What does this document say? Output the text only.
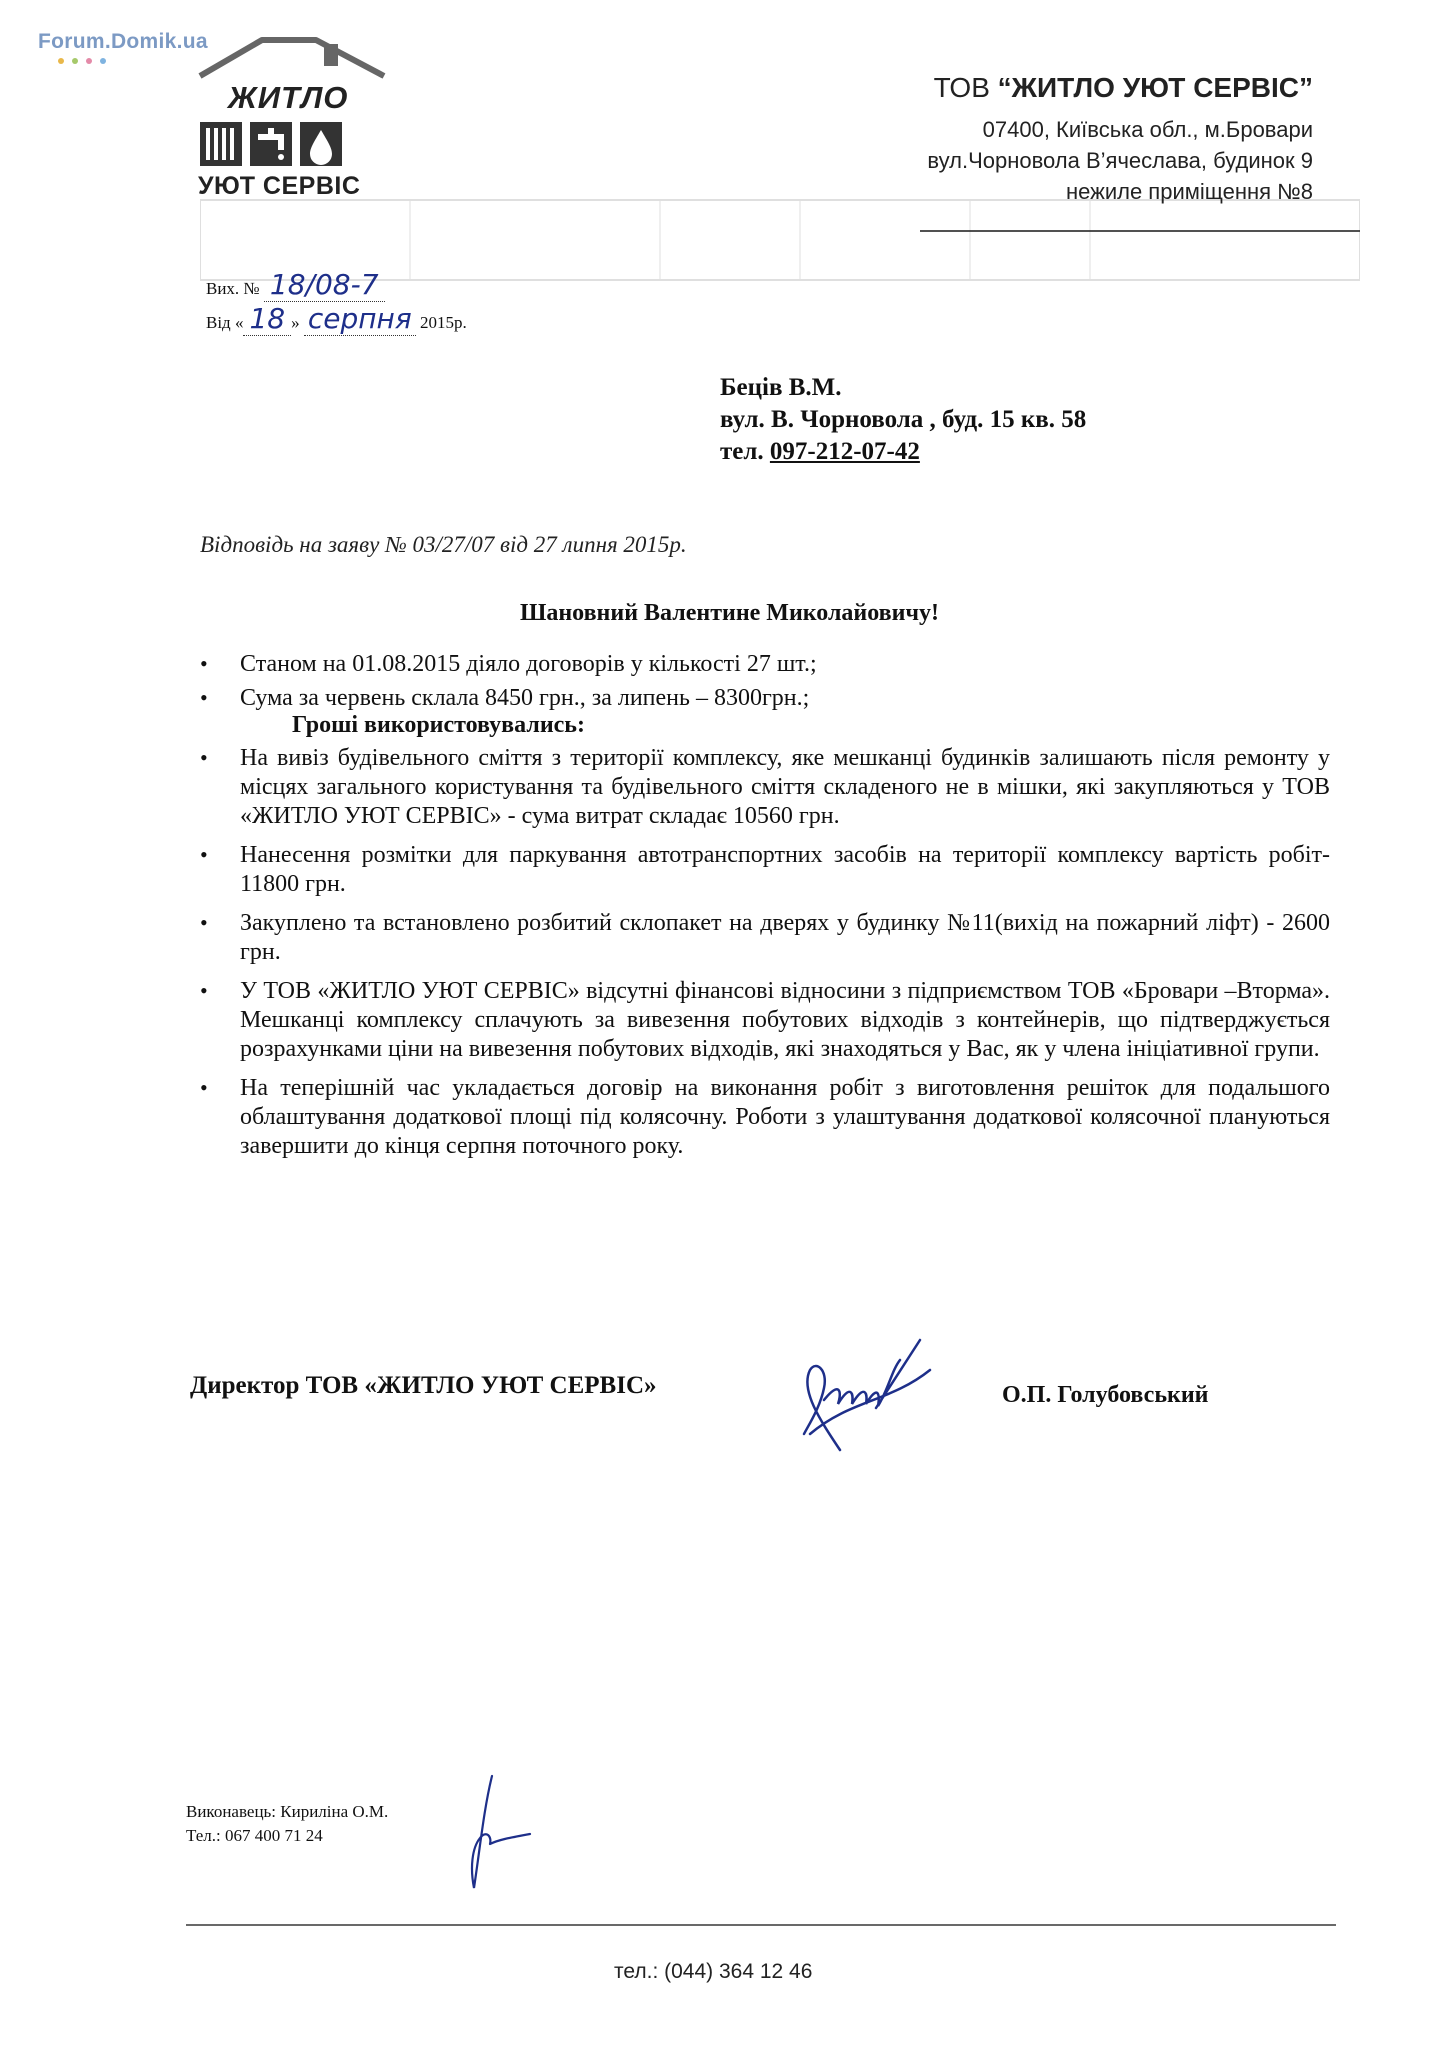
Forum.Domik.ua
ЖИТЛО
УЮТ СЕРВІС
ТОВ “ЖИТЛО УЮТ СЕРВІС”
07400, Київська обл., м.Бровари
вул.Чорновола В’ячеслава, будинок 9
нежиле приміщення №8
Вих. № 18/08-7
Від « 18 » серпня 2015р.
Беців В.М.
вул. В. Чорновола , буд. 15 кв. 58
тел. 097-212-07-42
Відповідь на заяву № 03/27/07 від 27 липня 2015р.
Шановний Валентине Миколайовичу!
• Станом на 01.08.2015 діяло договорів у кількості 27 шт.;
• Сума за червень склала 8450 грн., за липень – 8300грн.;
Гроші використовувались:
• На вивіз будівельного сміття з території комплексу, яке мешканці будинків залишають після ремонту у місцях загального користування та будівельного сміття складеного не в мішки, які закупляються у ТОВ «ЖИТЛО УЮТ СЕРВІС» - сума витрат складає 10560 грн.
• Нанесення розмітки для паркування автотранспортних засобів на території комплексу вартість робіт- 11800 грн.
• Закуплено та встановлено розбитий склопакет на дверях у будинку №11(вихід на пожарний ліфт) - 2600 грн.
• У ТОВ «ЖИТЛО УЮТ СЕРВІС» відсутні фінансові відносини з підприємством ТОВ «Бровари –Вторма». Мешканці комплексу сплачують за вивезення побутових відходів з контейнерів, що підтверджується розрахунками ціни на вивезення побутових відходів, які знаходяться у Вас, як у члена ініціативної групи.
• На теперішній час укладається договір на виконання робіт з виготовлення решіток для подальшого облаштування додаткової площі під колясочну. Роботи з улаштування додаткової колясочної плануються завершити до кінця серпня поточного року.
Директор ТОВ «ЖИТЛО УЮТ СЕРВІС»	О.П. Голубовський
Виконавець: Кириліна О.М.
Тел.: 067 400 71 24
тел.: (044) 364 12 46
